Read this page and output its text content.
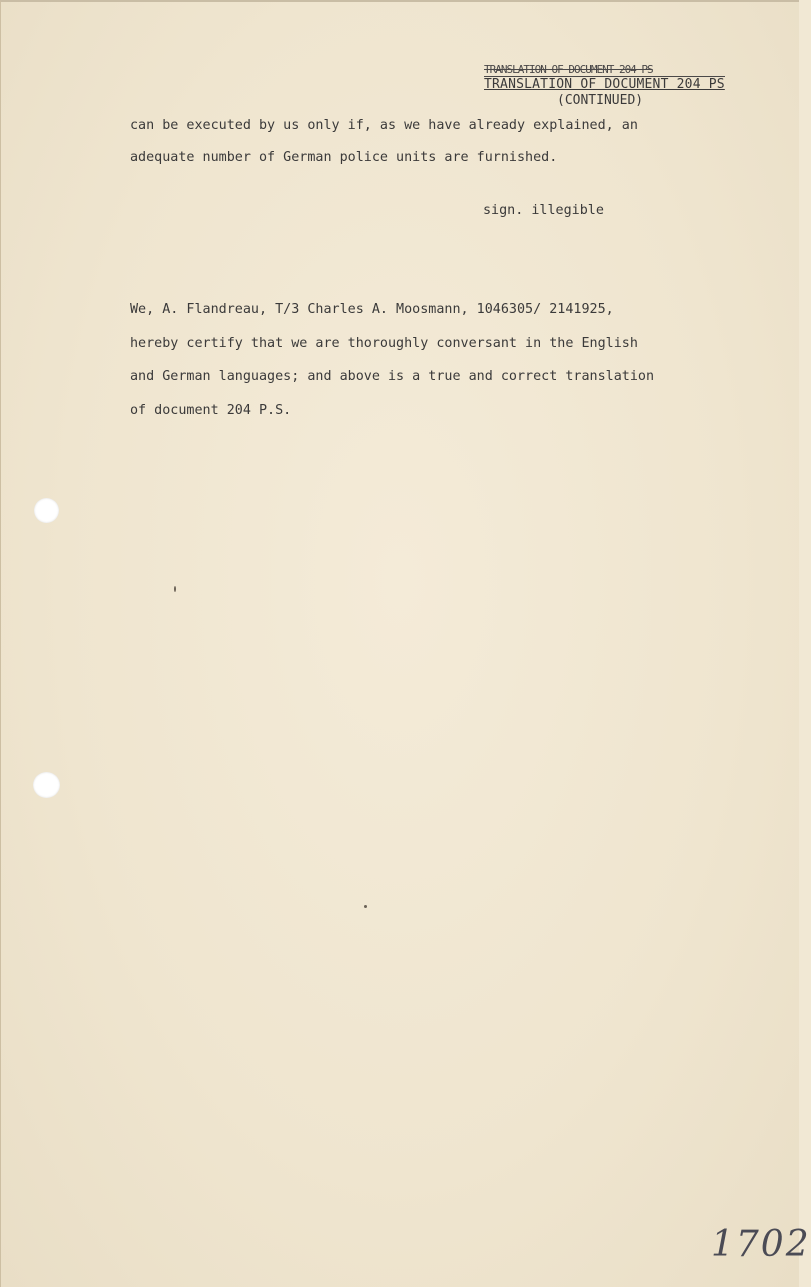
TRANSLATION OF DOCUMENT 204 PS
TRANSLATION OF DOCUMENT 204 PS
(CONTINUED)
can be executed by us only if, as we have already explained, an
adequate number of German police units are furnished.
sign. illegible
We, A. Flandreau, T/3 Charles A. Moosmann, 1046305/ 2141925,
hereby certify that we are thoroughly conversant in the English
and German languages; and above is a true and correct translation
of document 204 P.S.
1702
